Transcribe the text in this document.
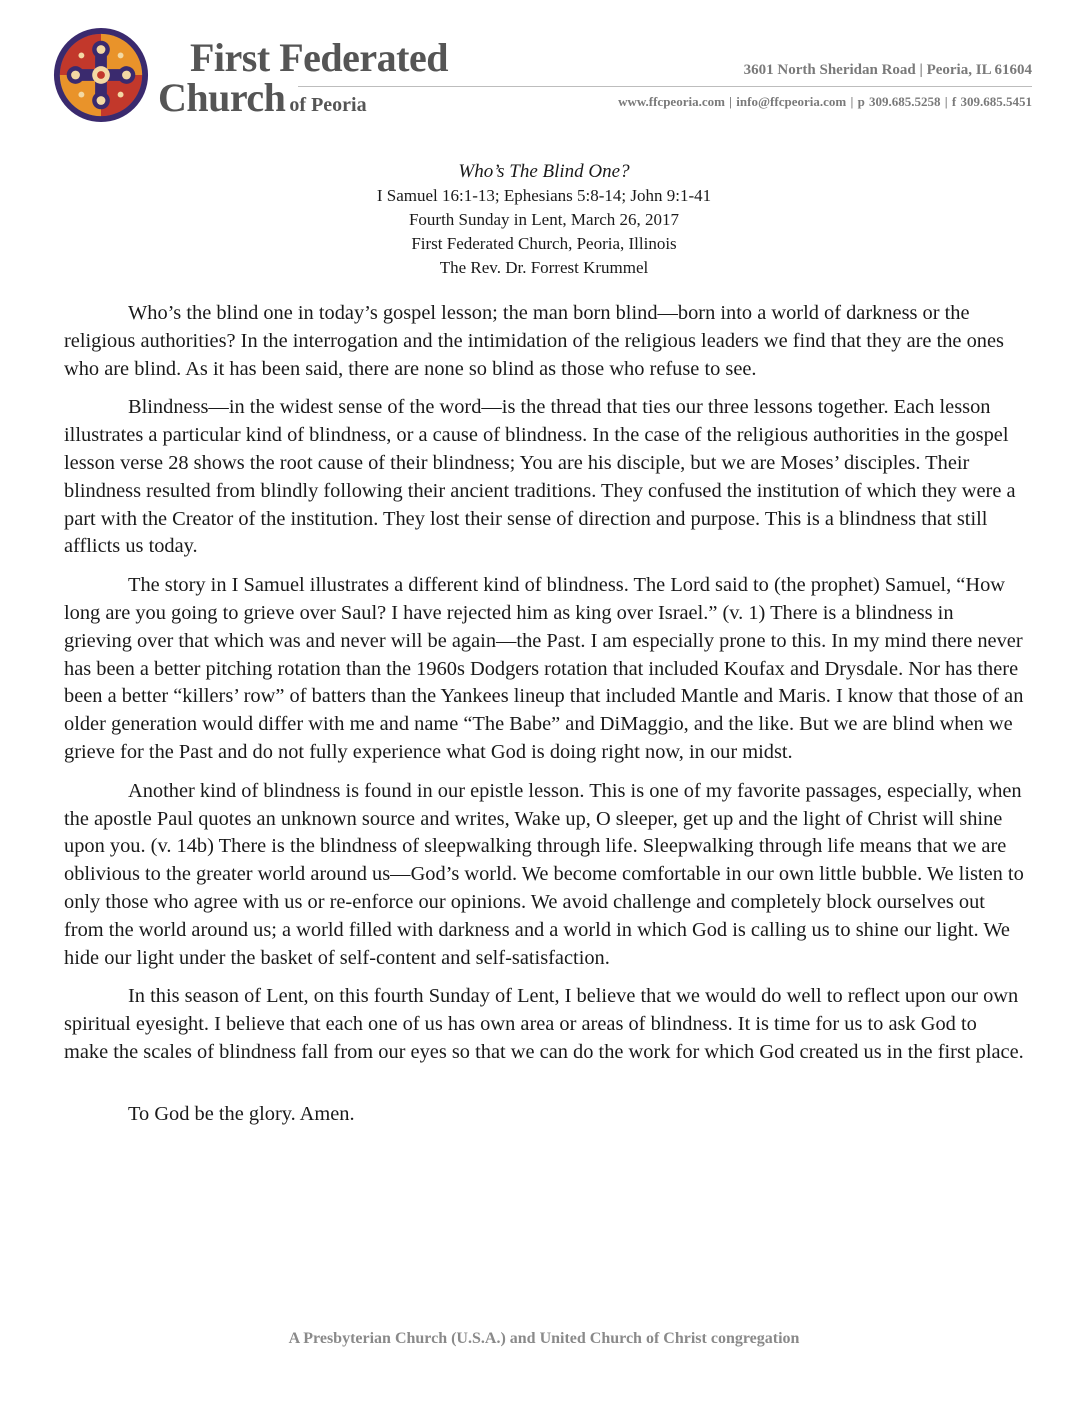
First Federated
Church of Peoria
3601 North Sheridan Road | Peoria, IL 61604
www.ffcpeoria.com | info@ffcpeoria.com | p 309.685.5258 | f 309.685.5451
Who’s The Blind One?
I Samuel 16:1-13; Ephesians 5:8-14; John 9:1-41
Fourth Sunday in Lent, March 26, 2017
First Federated Church, Peoria, Illinois
The Rev. Dr. Forrest Krummel

Who’s the blind one in today’s gospel lesson; the man born blind—born into a world of darkness or the religious authorities? In the interrogation and the intimidation of the religious leaders we find that they are the ones who are blind. As it has been said, there are none so blind as those who refuse to see.

Blindness—in the widest sense of the word—is the thread that ties our three lessons together. Each lesson illustrates a particular kind of blindness, or a cause of blindness. In the case of the religious authorities in the gospel lesson verse 28 shows the root cause of their blindness; You are his disciple, but we are Moses’ disciples. Their blindness resulted from blindly following their ancient traditions. They confused the institution of which they were a part with the Creator of the institution. They lost their sense of direction and purpose. This is a blindness that still afflicts us today.

The story in I Samuel illustrates a different kind of blindness. The Lord said to (the prophet) Samuel, “How long are you going to grieve over Saul? I have rejected him as king over Israel.” (v. 1) There is a blindness in grieving over that which was and never will be again—the Past. I am especially prone to this. In my mind there never has been a better pitching rotation than the 1960s Dodgers rotation that included Koufax and Drysdale. Nor has there been a better “killers’ row” of batters than the Yankees lineup that included Mantle and Maris. I know that those of an older generation would differ with me and name “The Babe” and DiMaggio, and the like. But we are blind when we grieve for the Past and do not fully experience what God is doing right now, in our midst.

Another kind of blindness is found in our epistle lesson. This is one of my favorite passages, especially, when the apostle Paul quotes an unknown source and writes, Wake up, O sleeper, get up and the light of Christ will shine upon you. (v. 14b) There is the blindness of sleepwalking through life. Sleepwalking through life means that we are oblivious to the greater world around us—God’s world. We become comfortable in our own little bubble. We listen to only those who agree with us or re-enforce our opinions. We avoid challenge and completely block ourselves out from the world around us; a world filled with darkness and a world in which God is calling us to shine our light. We hide our light under the basket of self-content and self-satisfaction.

In this season of Lent, on this fourth Sunday of Lent, I believe that we would do well to reflect upon our own spiritual eyesight. I believe that each one of us has own area or areas of blindness. It is time for us to ask God to make the scales of blindness fall from our eyes so that we can do the work for which God created us in the first place.

To God be the glory. Amen.

A Presbyterian Church (U.S.A.) and United Church of Christ congregation
